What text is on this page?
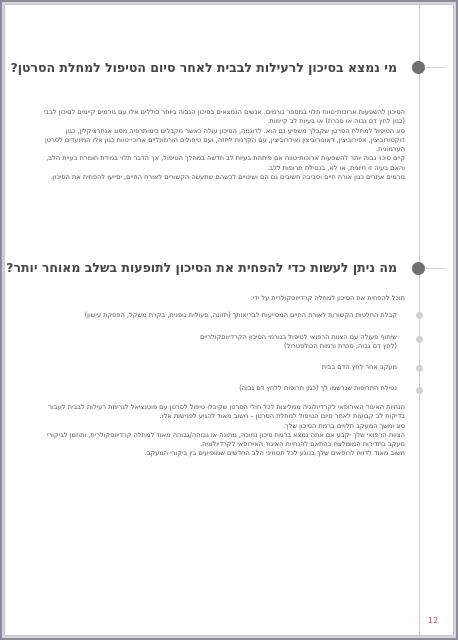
מי נמצא בסיכון לרעילות לבבית לאחר סיום הטיפול למחלת הסרטן?
הסיכון להשפעות ארוכות-טווח תלוי במספר גורמים. אנשים הנמצאים בסיכון הגבוה ביותר כוללים אלו עם גורמים קיימים לסיכון לבבי (כגון לחץ דם גבוה או סכרת) או בעיות לב קיימות.
סוג הטיפול למחלת הסרטן שקבלך משפיע גם הוא. לדוגמה, הסיכון עולה כאשר מקבלים כימותרפיה מסוג אנתרציקלין, כגון דוקסורוביצין, אפירוביצין, דאונורוביצין ואידרוביצין, עם הקרנות לחזה, ועם טיפולים הורמונליים ארוכי-טווח כגון אלו המיועדים לסרטן הערמונית.
קיים סיכוי גבוה יותר להשפעות ארוכות-טווח אם פיתחת בעיות לב חדשה במהלך הטיפול, אך הדבר תלוי במידת חומרת בעיית הלב, והאם בעיה זו חיונית, או לא, בנטילת תרופות ללב.
גורמים אחרים כגון אורח חיים וסביבה חשובים גם הם ושינויים לכשהם שתעשה הקשורים לאורח החיים, יסייעו להפחית את הסיכון.
מה ניתן לעשות כדי להפחית את הסיכון לתופעות בשלב מאוחר יותר?
תוכל להפחית את הסיכון למחלה קרדיווסקולרית על ידי:
קבלת החלטות הקשורות לאורח החיים המסייעות לבריאותך (תזונה, פעולות גופנית, בקרת משקל, הפסקת עישון)
שיתוף פעולה עם הצוות הרפואי לטיפול בגורמי הסיכון הקרדיווסקולריים
(לחץ דם גבוה, סכרת ורמות הכולסטרול)
מעקב אחר לחץ הדם בבית
נטילת התרופות שנרשמו לך (כגון תרופות ללחץ דם גבוה)
הנחיות האיגוד האירופאי לקרדיולוגיה ממליצות לכל חולי הסרטן שקיבלו טיפול לסרטן עם פוטנציאל לגרימת רעילות לבבית לעבור בדיקות לב קבועות לאחר סיום הטיפול למחלת הסרטן – חשוב מאוד להגיע לפגישות אלו.
סוג ומשך המעקב תלויים ברמת הסיכון שלך.
הצוות הרפואי שלך יקבע אם אתה נמצא ברמת סיכון נמוכה, מתונה או גבוהה/גבוהה מאוד למחלה קרדיווסקולרית, ותוזמן לביקורי מעקב בתדירות המומלצת בהתאם להנחיות האיגוד האירופאי לקרדיולוגיה.
חשוב מאוד לדווח לרופאים שלך בנוגע לכל תסמיני הלב החדשים שמופיעים בין ביקורי המעקב.
12
